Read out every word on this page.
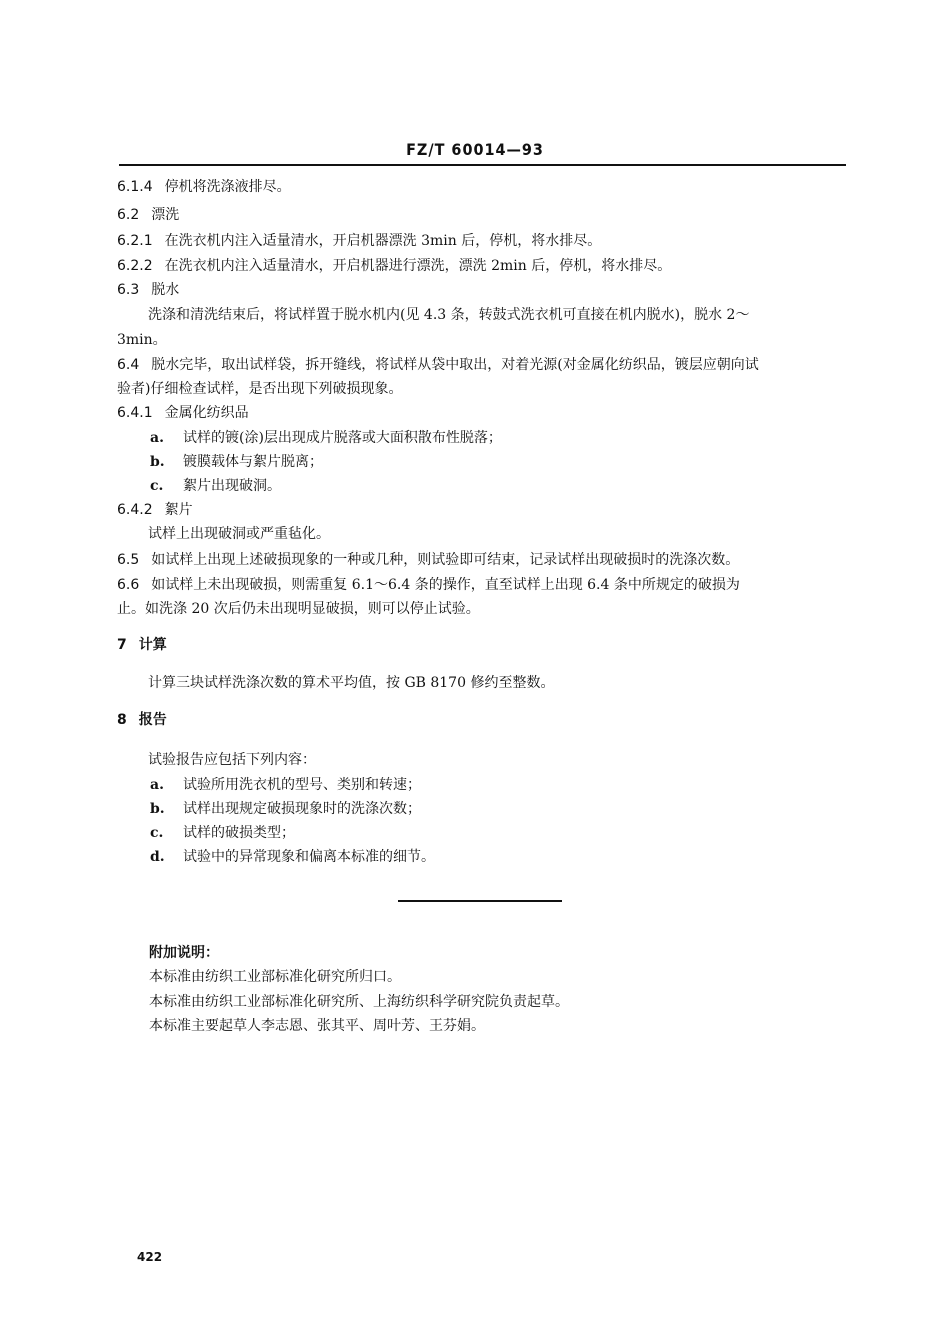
FZ/T 60014—93
6.1.4 停机将洗涤液排尽。
6.2 漂洗
6.2.1 在洗衣机内注入适量清水，开启机器漂洗 3min 后，停机，将水排尽。
6.2.2 在洗衣机内注入适量清水，开启机器进行漂洗，漂洗 2min 后，停机，将水排尽。
6.3 脱水
洗涤和清洗结束后，将试样置于脱水机内(见 4.3 条，转鼓式洗衣机可直接在机内脱水)，脱水 2～
3min。
6.4 脱水完毕，取出试样袋，拆开缝线，将试样从袋中取出，对着光源(对金属化纺织品，镀层应朝向试
验者)仔细检查试样，是否出现下列破损现象。
6.4.1 金属化纺织品
a. 试样的镀(涂)层出现成片脱落或大面积散布性脱落；
b. 镀膜载体与絮片脱离；
c. 絮片出现破洞。
6.4.2 絮片
试样上出现破洞或严重毡化。
6.5 如试样上出现上述破损现象的一种或几种，则试验即可结束，记录试样出现破损时的洗涤次数。
6.6 如试样上未出现破损，则需重复 6.1～6.4 条的操作，直至试样上出现 6.4 条中所规定的破损为
止。如洗涤 20 次后仍未出现明显破损，则可以停止试验。
7 计算
计算三块试样洗涤次数的算术平均值，按 GB 8170 修约至整数。
8 报告
试验报告应包括下列内容：
a. 试验所用洗衣机的型号、类别和转速；
b. 试样出现规定破损现象时的洗涤次数；
c. 试样的破损类型；
d. 试验中的异常现象和偏离本标准的细节。
附加说明：
本标准由纺织工业部标准化研究所归口。
本标准由纺织工业部标准化研究所、上海纺织科学研究院负责起草。
本标准主要起草人李志恩、张其平、周叶芳、王芬娟。
422
